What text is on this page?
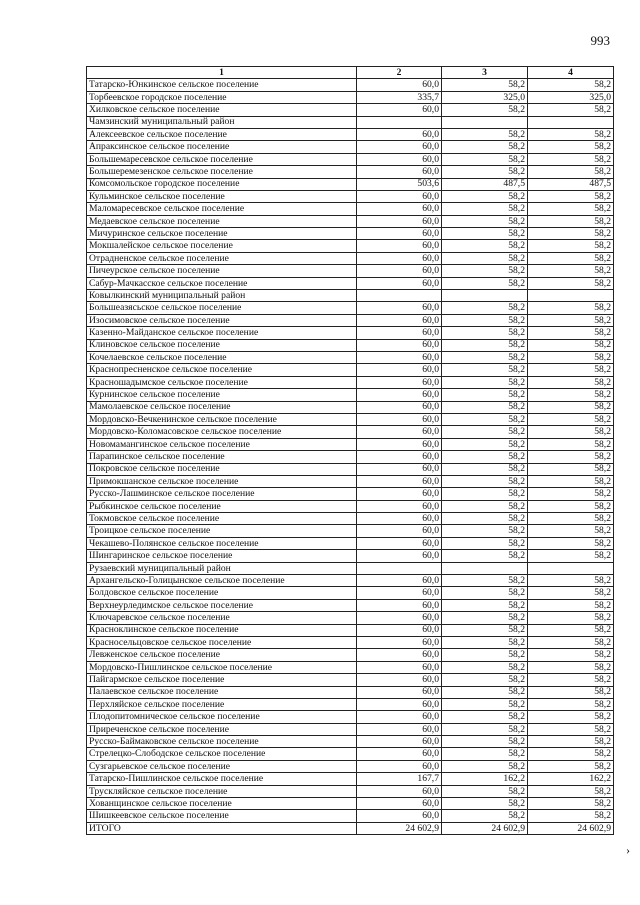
993
1	2	3	4
Татарско-Юнкинское сельское поселение	60,0	58,2	58,2
Торбеевское городское поселение	335,7	325,0	325,0
Хилковское сельское поселение	60,0	58,2	58,2
Чамзинский муниципальный район			
Алексеевское сельское поселение	60,0	58,2	58,2
Апраксинское сельское поселение	60,0	58,2	58,2
Большемаресевское сельское поселение	60,0	58,2	58,2
Большеремезенское сельское поселение	60,0	58,2	58,2
Комсомольское городское поселение	503,6	487,5	487,5
Кульминское сельское поселение	60,0	58,2	58,2
Маломаресевское сельское поселение	60,0	58,2	58,2
Медаевское сельское поселение	60,0	58,2	58,2
Мичуринское сельское поселение	60,0	58,2	58,2
Мокшалейское сельское поселение	60,0	58,2	58,2
Отрадненское сельское поселение	60,0	58,2	58,2
Пичеурское сельское поселение	60,0	58,2	58,2
Сабур-Мачкасское сельское поселение	60,0	58,2	58,2
Ковылкинский муниципальный район			
Большеазясьское сельское поселение	60,0	58,2	58,2
Изосимовское сельское поселение	60,0	58,2	58,2
Казенно-Майданское сельское поселение	60,0	58,2	58,2
Клиновское сельское поселение	60,0	58,2	58,2
Кочелаевское сельское поселение	60,0	58,2	58,2
Краснопресненское сельское поселение	60,0	58,2	58,2
Красношадымское сельское поселение	60,0	58,2	58,2
Курнинское сельское поселение	60,0	58,2	58,2
Мамолаевское сельское поселение	60,0	58,2	58,2
Мордовско-Вечкенинское сельское поселение	60,0	58,2	58,2
Мордовско-Коломасовское сельское поселение	60,0	58,2	58,2
Новомамангинское сельское поселение	60,0	58,2	58,2
Парапинское сельское поселение	60,0	58,2	58,2
Покровское сельское поселение	60,0	58,2	58,2
Примокшанское сельское поселение	60,0	58,2	58,2
Русско-Лашминское сельское поселение	60,0	58,2	58,2
Рыбкинское сельское поселение	60,0	58,2	58,2
Токмовское сельское поселение	60,0	58,2	58,2
Троицкое сельское поселение	60,0	58,2	58,2
Чекашево-Полянское сельское поселение	60,0	58,2	58,2
Шингаринское сельское поселение	60,0	58,2	58,2
Рузаевский муниципальный район			
Архангельско-Голицынское сельское поселение	60,0	58,2	58,2
Болдовское сельское поселение	60,0	58,2	58,2
Верхнеурледимское сельское поселение	60,0	58,2	58,2
Ключаревское сельское поселение	60,0	58,2	58,2
Красноклинское сельское поселение	60,0	58,2	58,2
Красносельцовское сельское поселение	60,0	58,2	58,2
Левженское сельское поселение	60,0	58,2	58,2
Мордовско-Пишлинское сельское поселение	60,0	58,2	58,2
Пайгармское сельское поселение	60,0	58,2	58,2
Палаевское сельское поселение	60,0	58,2	58,2
Перхляйское сельское поселение	60,0	58,2	58,2
Плодопитомническое сельское поселение	60,0	58,2	58,2
Приреченское сельское поселение	60,0	58,2	58,2
Русско-Баймаковское сельское поселение	60,0	58,2	58,2
Стрелецко-Слободское сельское поселение	60,0	58,2	58,2
Сузгарьевское сельское поселение	60,0	58,2	58,2
Татарско-Пишлинское сельское поселение	167,7	162,2	162,2
Трускляйское сельское поселение	60,0	58,2	58,2
Хованщинское сельское поселение	60,0	58,2	58,2
Шишкеевское сельское поселение	60,0	58,2	58,2
ИТОГО	24 602,9	24 602,9	24 602,9
›
